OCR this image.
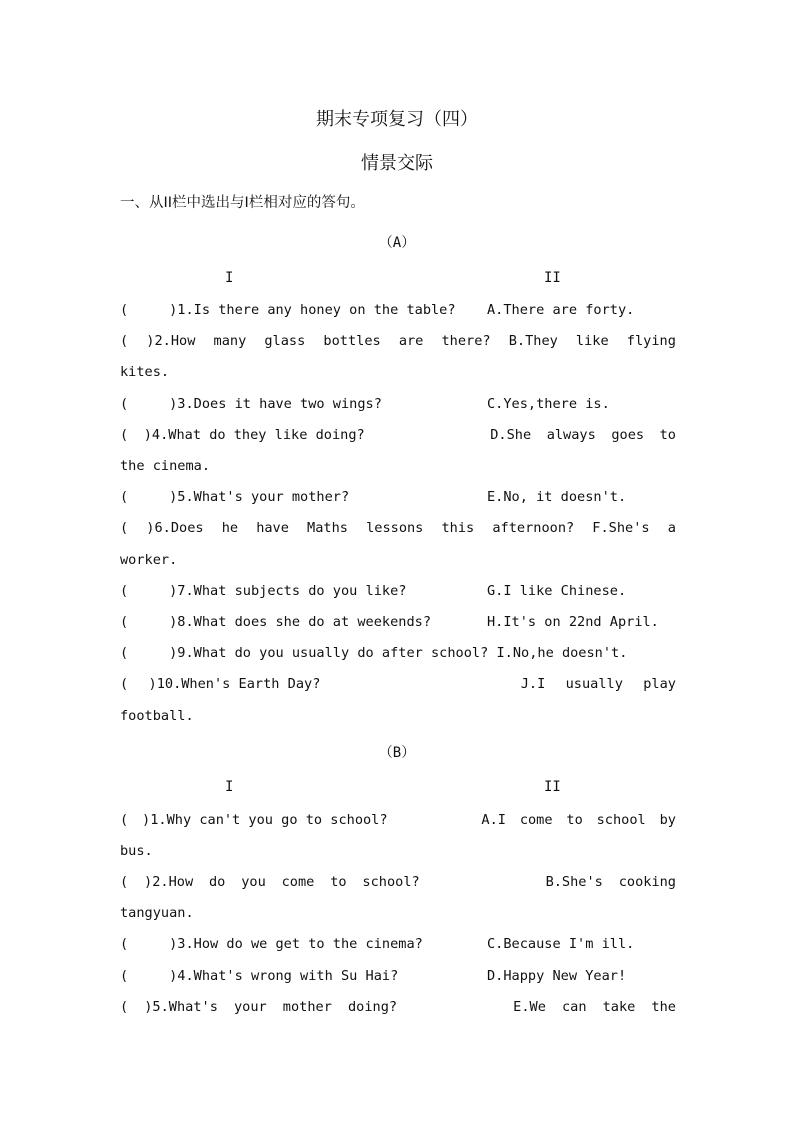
期末专项复习（四）
情景交际
一、从II栏中选出与I栏相对应的答句。
（A）
I	II
(     )1.Is there any honey on the table? A.There are forty.
( )2.How many glass bottles are there? B.They like flying
kites.
(     )3.Does it have two wings?	C.Yes,there is.
( )4.What do they like doing?	D.She always goes to
the cinema.
(     )5.What's your mother?	E.No, it doesn't.
( )6.Does he have Maths lessons this afternoon? F.She's a
worker.
(     )7.What subjects do you like?	G.I like Chinese.
(     )8.What does she do at weekends?	H.It's on 22nd April.
(     )9.What do you usually do after school? I.No,he doesn't.
( )10.When's Earth Day?	J.I usually play
football.
（B）
I	II
( )1.Why can't you go to school?	A.I come to school by
bus.
( )2.How do you come to school?	B.She's cooking
tangyuan.
(     )3.How do we get to the cinema?	C.Because I'm ill.
(     )4.What's wrong with Su Hai?	D.Happy New Year!
( )5.What's your mother doing?	E.We can take the
